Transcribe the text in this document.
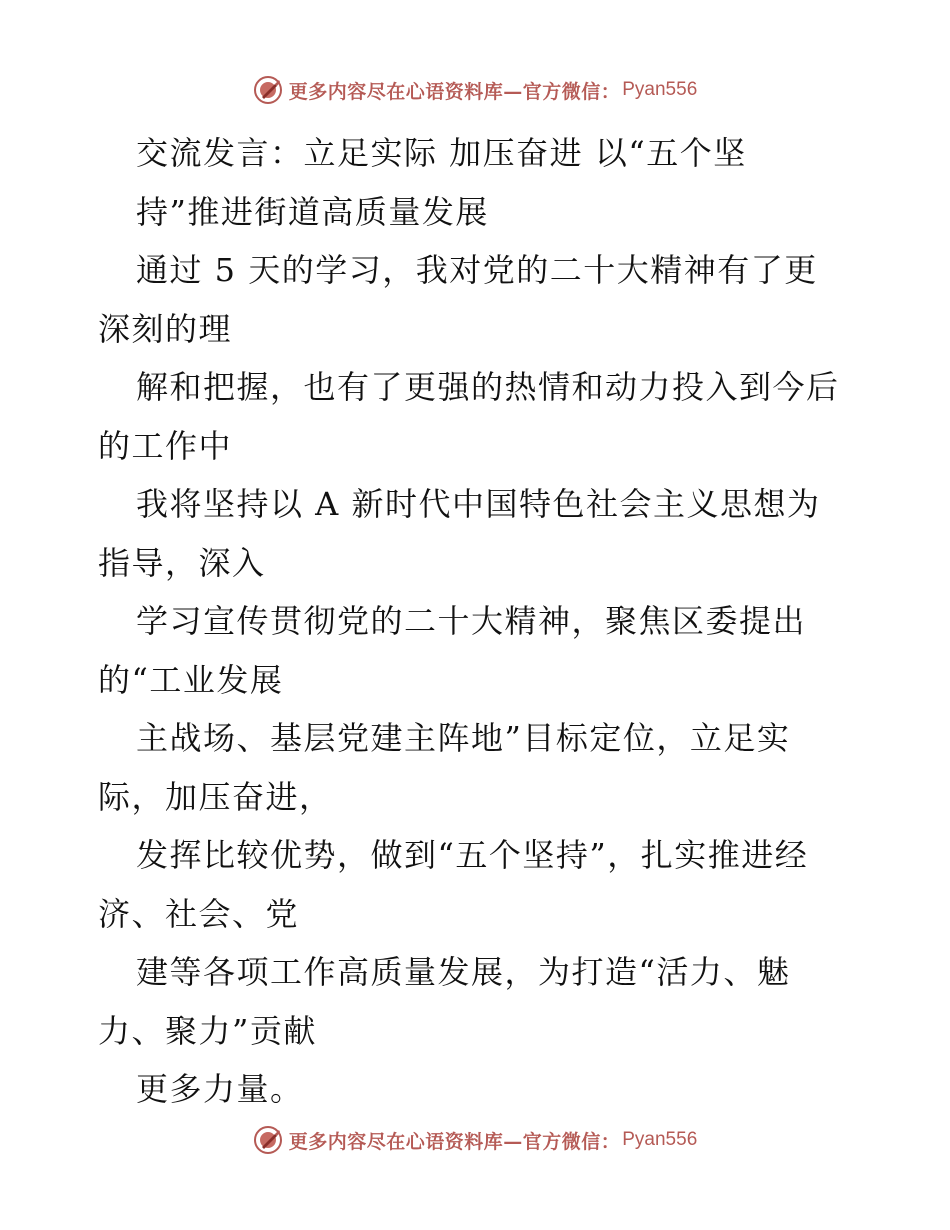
更多内容尽在心语资料库—官方微信： Pyan556
交流发言：立足实际 加压奋进 以“五个坚
持”推进街道高质量发展
通过 5 天的学习，我对党的二十大精神有了更
深刻的理
解和把握，也有了更强的热情和动力投入到今后
的工作中
我将坚持以 A 新时代中国特色社会主义思想为
指导，深入
学习宣传贯彻党的二十大精神，聚焦区委提出
的“工业发展
主战场、基层党建主阵地”目标定位，立足实
际，加压奋进，
发挥比较优势，做到“五个坚持”，扎实推进经
济、社会、党
建等各项工作高质量发展，为打造“活力、魅
力、聚力”贡献
更多力量。
更多内容尽在心语资料库—官方微信： Pyan556
